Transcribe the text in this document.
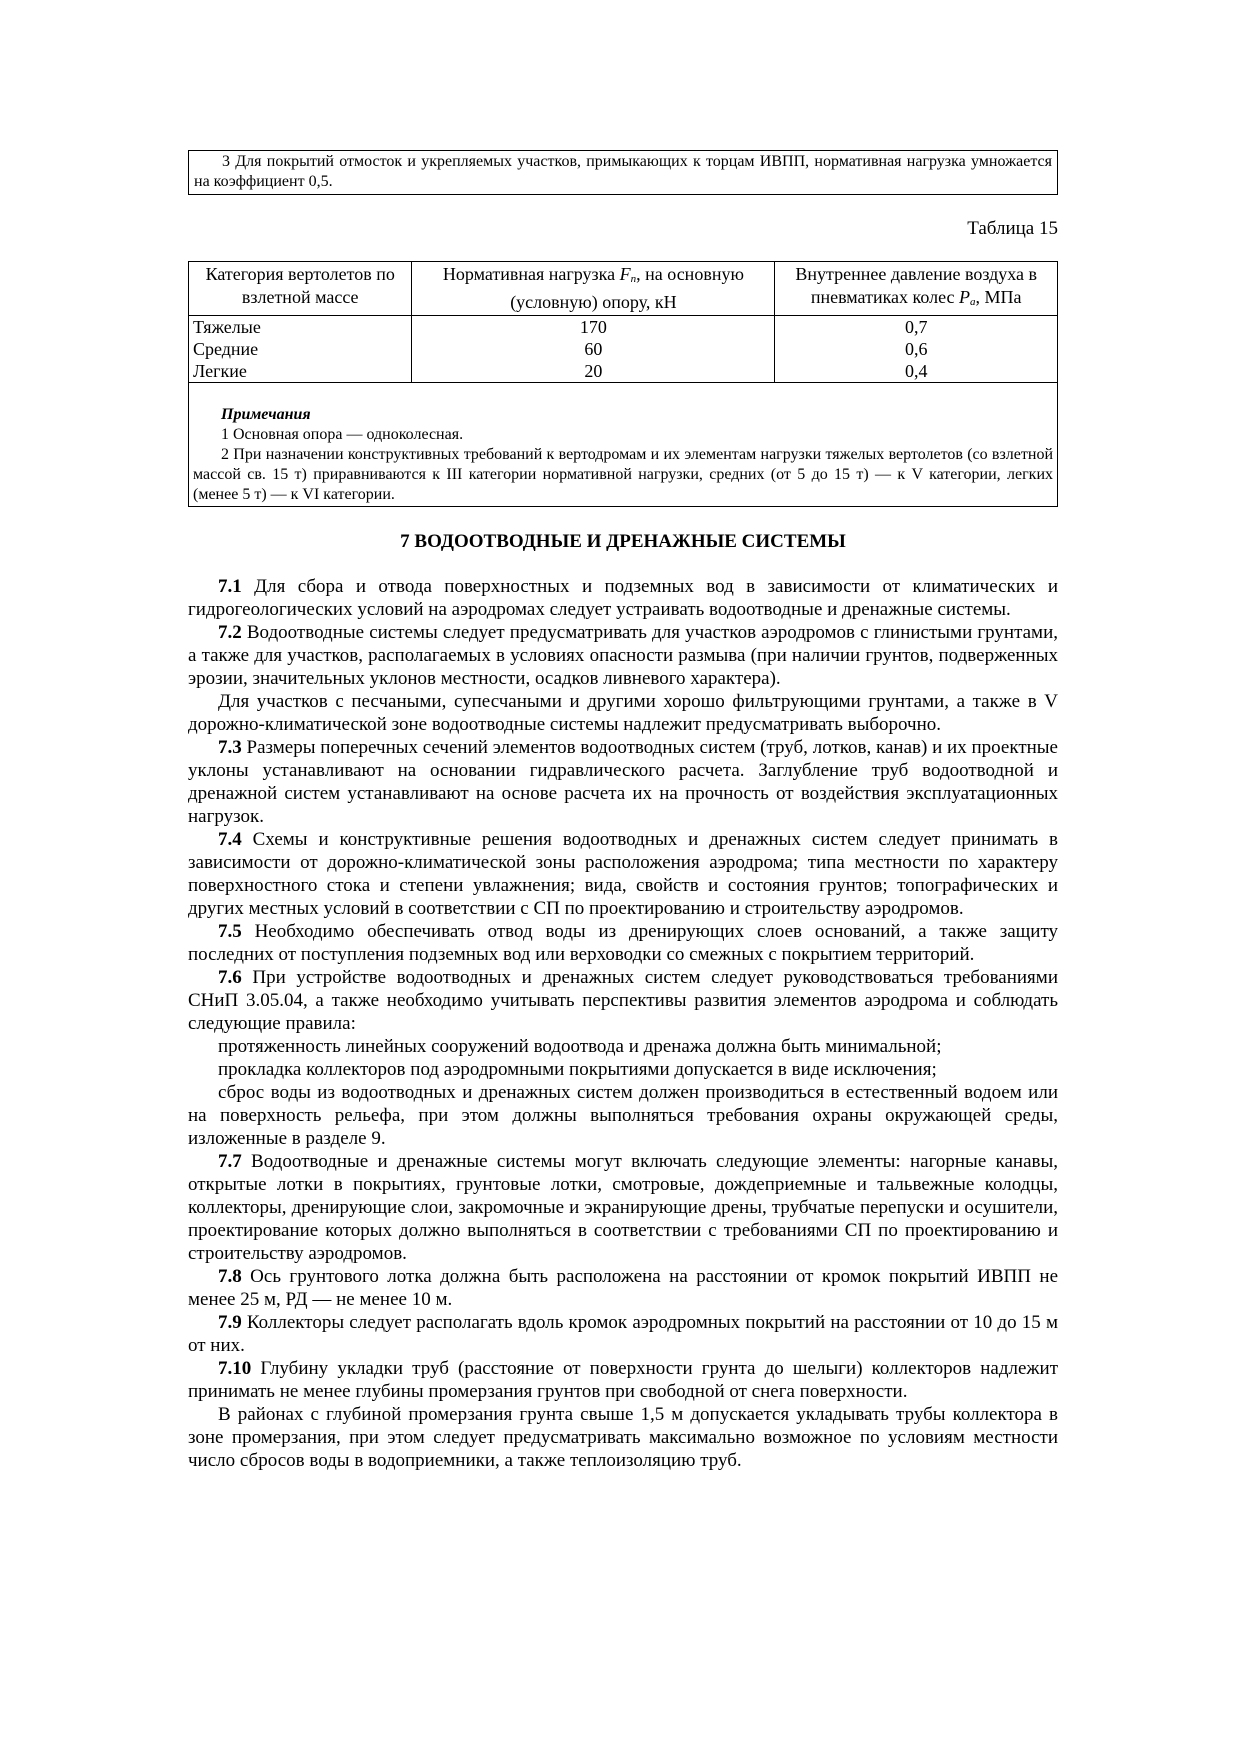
3 Для покрытий отмосток и укрепляемых участков, примыкающих к торцам ИВПП, нормативная нагрузка умножается на коэффициент 0,5.

Таблица 15
Категория вертолетов по взлетной массе	Нормативная нагрузка $F_n$, на основную (условную) опору, кН	Внутреннее давление воздуха в пневматиках колес $P_a$, МПа
Тяжелые	170	0,7
Средние	60	0,6
Легкие	20	0,4

Примечания

1 Основная опора — одноколесная.

2 При назначении конструктивных требований к вертодромам и их элементам нагрузки тяжелых вертолетов (со взлетной массой св. 15 т) приравниваются к III категории нормативной нагрузки, средних (от 5 до 15 т) — к V категории, легких (менее 5 т) — к VI категории.		

7 ВОДООТВОДНЫЕ И ДРЕНАЖНЫЕ СИСТЕМЫ

7.1 Для сбора и отвода поверхностных и подземных вод в зависимости от климатических и гидрогеологических условий на аэродромах следует устраивать водоотводные и дренажные системы.

7.2 Водоотводные системы следует предусматривать для участков аэродромов с глинистыми грунтами, а также для участков, располагаемых в условиях опасности размыва (при наличии грунтов, подверженных эрозии, значительных уклонов местности, осадков ливневого характера).

Для участков с песчаными, супесчаными и другими хорошо фильтрующими грунтами, а также в V дорожно-климатической зоне водоотводные системы надлежит предусматривать выборочно.

7.3 Размеры поперечных сечений элементов водоотводных систем (труб, лотков, канав) и их проектные уклоны устанавливают на основании гидравлического расчета. Заглубление труб водоотводной и дренажной систем устанавливают на основе расчета их на прочность от воздействия эксплуатационных нагрузок.

7.4 Схемы и конструктивные решения водоотводных и дренажных систем следует принимать в зависимости от дорожно-климатической зоны расположения аэродрома; типа местности по характеру поверхностного стока и степени увлажнения; вида, свойств и состояния грунтов; топографических и других местных условий в соответствии с СП по проектированию и строительству аэродромов.

7.5 Необходимо обеспечивать отвод воды из дренирующих слоев оснований, а также защиту последних от поступления подземных вод или верховодки со смежных с покрытием территорий.

7.6 При устройстве водоотводных и дренажных систем следует руководствоваться требованиями СНиП 3.05.04, а также необходимо учитывать перспективы развития элементов аэродрома и соблюдать следующие правила:

протяженность линейных сооружений водоотвода и дренажа должна быть минимальной;

прокладка коллекторов под аэродромными покрытиями допускается в виде исключения;

сброс воды из водоотводных и дренажных систем должен производиться в естественный водоем или на поверхность рельефа, при этом должны выполняться требования охраны окружающей среды, изложенные в разделе 9.

7.7 Водоотводные и дренажные системы могут включать следующие элементы: нагорные канавы, открытые лотки в покрытиях, грунтовые лотки, смотровые, дождеприемные и тальвежные колодцы, коллекторы, дренирующие слои, закромочные и экранирующие дрены, трубчатые перепуски и осушители, проектирование которых должно выполняться в соответствии с требованиями СП по проектированию и строительству аэродромов.

7.8 Ось грунтового лотка должна быть расположена на расстоянии от кромок покрытий ИВПП не менее 25 м, РД — не менее 10 м.

7.9 Коллекторы следует располагать вдоль кромок аэродромных покрытий на расстоянии от 10 до 15 м от них.

7.10 Глубину укладки труб (расстояние от поверхности грунта до шелыги) коллекторов надлежит принимать не менее глубины промерзания грунтов при свободной от снега поверхности.

В районах с глубиной промерзания грунта свыше 1,5 м допускается укладывать трубы коллектора в зоне промерзания, при этом следует предусматривать максимально возможное по условиям местности число сбросов воды в водоприемники, а также теплоизоляцию труб.
